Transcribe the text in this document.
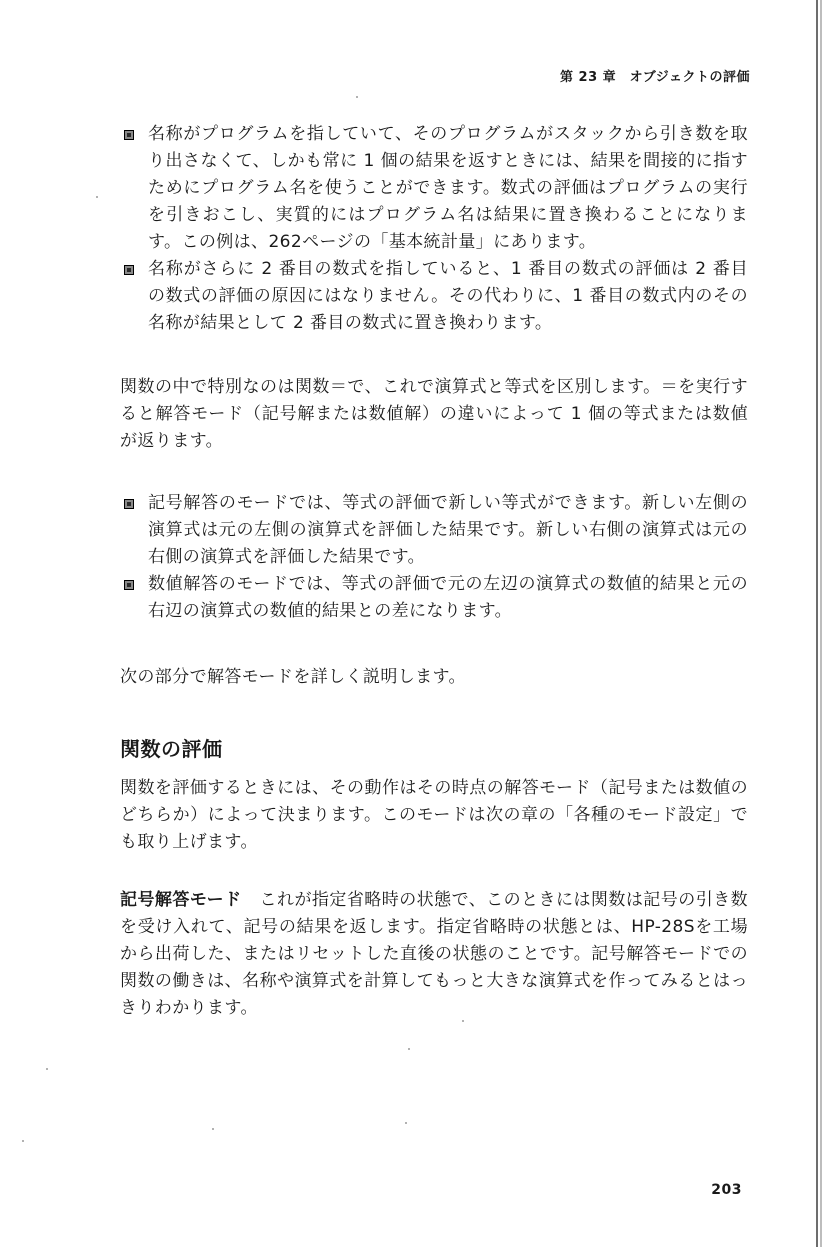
第 23 章　オブジェクトの評価
名称がプログラムを指していて、そのプログラムがスタックから引き数を取り出さなくて、しかも常に 1 個の結果を返すときには、結果を間接的に指すためにプログラム名を使うことができます。数式の評価はプログラムの実行を引きおこし、実質的にはプログラム名は結果に置き換わることになります。この例は、262ページの「基本統計量」にあります。
名称がさらに 2 番目の数式を指していると、1 番目の数式の評価は 2 番目の数式の評価の原因にはなりません。その代わりに、1 番目の数式内のその名称が結果として 2 番目の数式に置き換わります。

関数の中で特別なのは関数＝で、これで演算式と等式を区別します。＝を実行すると解答モード（記号解または数値解）の違いによって 1 個の等式または数値が返ります。

記号解答のモードでは、等式の評価で新しい等式ができます。新しい左側の演算式は元の左側の演算式を評価した結果です。新しい右側の演算式は元の右側の演算式を評価した結果です。
数値解答のモードでは、等式の評価で元の左辺の演算式の数値的結果と元の右辺の演算式の数値的結果との差になります。

次の部分で解答モードを詳しく説明します。

関数の評価

関数を評価するときには、その動作はその時点の解答モード（記号または数値のどちらか）によって決まります。このモードは次の章の「各種のモード設定」でも取り上げます。

記号解答モード これが指定省略時の状態で、このときには関数は記号の引き数を受け入れて、記号の結果を返します。指定省略時の状態とは、HP-28Sを工場から出荷した、またはリセットした直後の状態のことです。記号解答モードでの関数の働きは、名称や演算式を計算してもっと大きな演算式を作ってみるとはっきりわかります。

203
